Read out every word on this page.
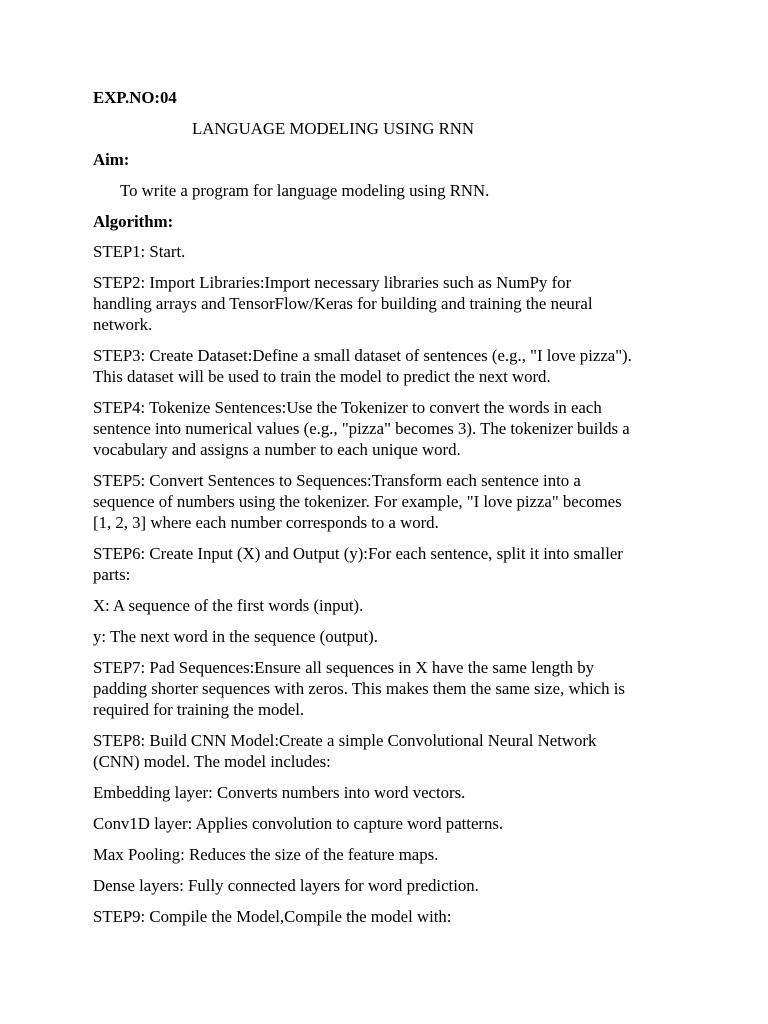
EXP.NO:04

LANGUAGE MODELING USING RNN

Aim:

To write a program for language modeling using RNN.

Algorithm:

STEP1: Start.
STEP2: Import Libraries:Import necessary libraries such as NumPy for
handling arrays and TensorFlow/Keras for building and training the neural
network.
STEP3: Create Dataset:Define a small dataset of sentences (e.g., "I love pizza").
This dataset will be used to train the model to predict the next word.
STEP4: Tokenize Sentences:Use the Tokenizer to convert the words in each
sentence into numerical values (e.g., "pizza" becomes 3). The tokenizer builds a
vocabulary and assigns a number to each unique word.
STEP5: Convert Sentences to Sequences:Transform each sentence into a
sequence of numbers using the tokenizer. For example, "I love pizza" becomes
[1, 2, 3] where each number corresponds to a word.
STEP6: Create Input (X) and Output (y):For each sentence, split it into smaller
parts:
X: A sequence of the first words (input).
y: The next word in the sequence (output).
STEP7: Pad Sequences:Ensure all sequences in X have the same length by
padding shorter sequences with zeros. This makes them the same size, which is
required for training the model.
STEP8: Build CNN Model:Create a simple Convolutional Neural Network
(CNN) model. The model includes:
Embedding layer: Converts numbers into word vectors.
Conv1D layer: Applies convolution to capture word patterns.
Max Pooling: Reduces the size of the feature maps.
Dense layers: Fully connected layers for word prediction.
STEP9: Compile the Model,Compile the model with:
